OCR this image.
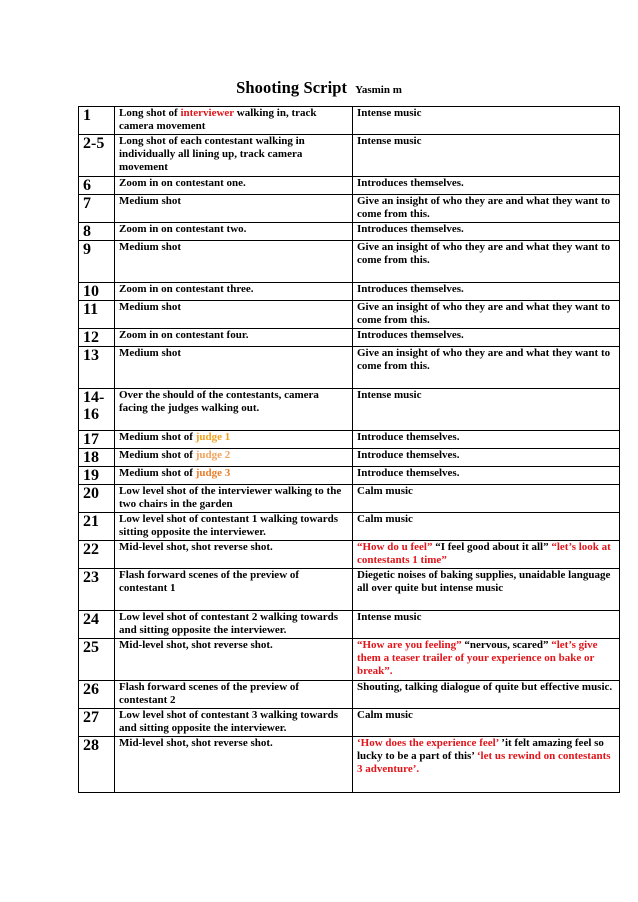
Shooting Script Yasmin m
1	Long shot of interviewer walking in, track camera movement	Intense music
2-5	Long shot of each contestant walking in individually all lining up, track camera movement	Intense music
6	Zoom in on contestant one.	Introduces themselves.
7	Medium shot	Give an insight of who they are and what they want to come from this.
8	Zoom in on contestant two.	Introduces themselves.
9	Medium shot	Give an insight of who they are and what they want to come from this.
10	Zoom in on contestant three.	Introduces themselves.
11	Medium shot	Give an insight of who they are and what they want to come from this.
12	Zoom in on contestant four.	Introduces themselves.
13	Medium shot	Give an insight of who they are and what they want to come from this.
14-16	Over the should of the contestants, camera facing the judges walking out.	Intense music
17	Medium shot of judge 1	Introduce themselves.
18	Medium shot of judge 2	Introduce themselves.
19	Medium shot of judge 3	Introduce themselves.
20	Low level shot of the interviewer walking to the two chairs in the garden	Calm music
21	Low level shot of contestant 1 walking towards sitting opposite the interviewer.	Calm music
22	Mid-level shot, shot reverse shot.	“How do u feel” “I feel good about it all” “let’s look at contestants 1 time”
23	Flash forward scenes of the preview of contestant 1	Diegetic noises of baking supplies, unaidable language all over quite but intense music
24	Low level shot of contestant 2 walking towards and sitting opposite the interviewer.	Intense music
25	Mid-level shot, shot reverse shot.	“How are you feeling” “nervous, scared” “let’s give them a teaser trailer of your experience on bake or break”.
26	Flash forward scenes of the preview of contestant 2	Shouting, talking dialogue of quite but effective music.
27	Low level shot of contestant 3 walking towards and sitting opposite the interviewer.	Calm music
28	Mid-level shot, shot reverse shot.	‘How does the experience feel’ ’it felt amazing feel so lucky to be a part of this’ ‘let us rewind on contestants 3 adventure’.
